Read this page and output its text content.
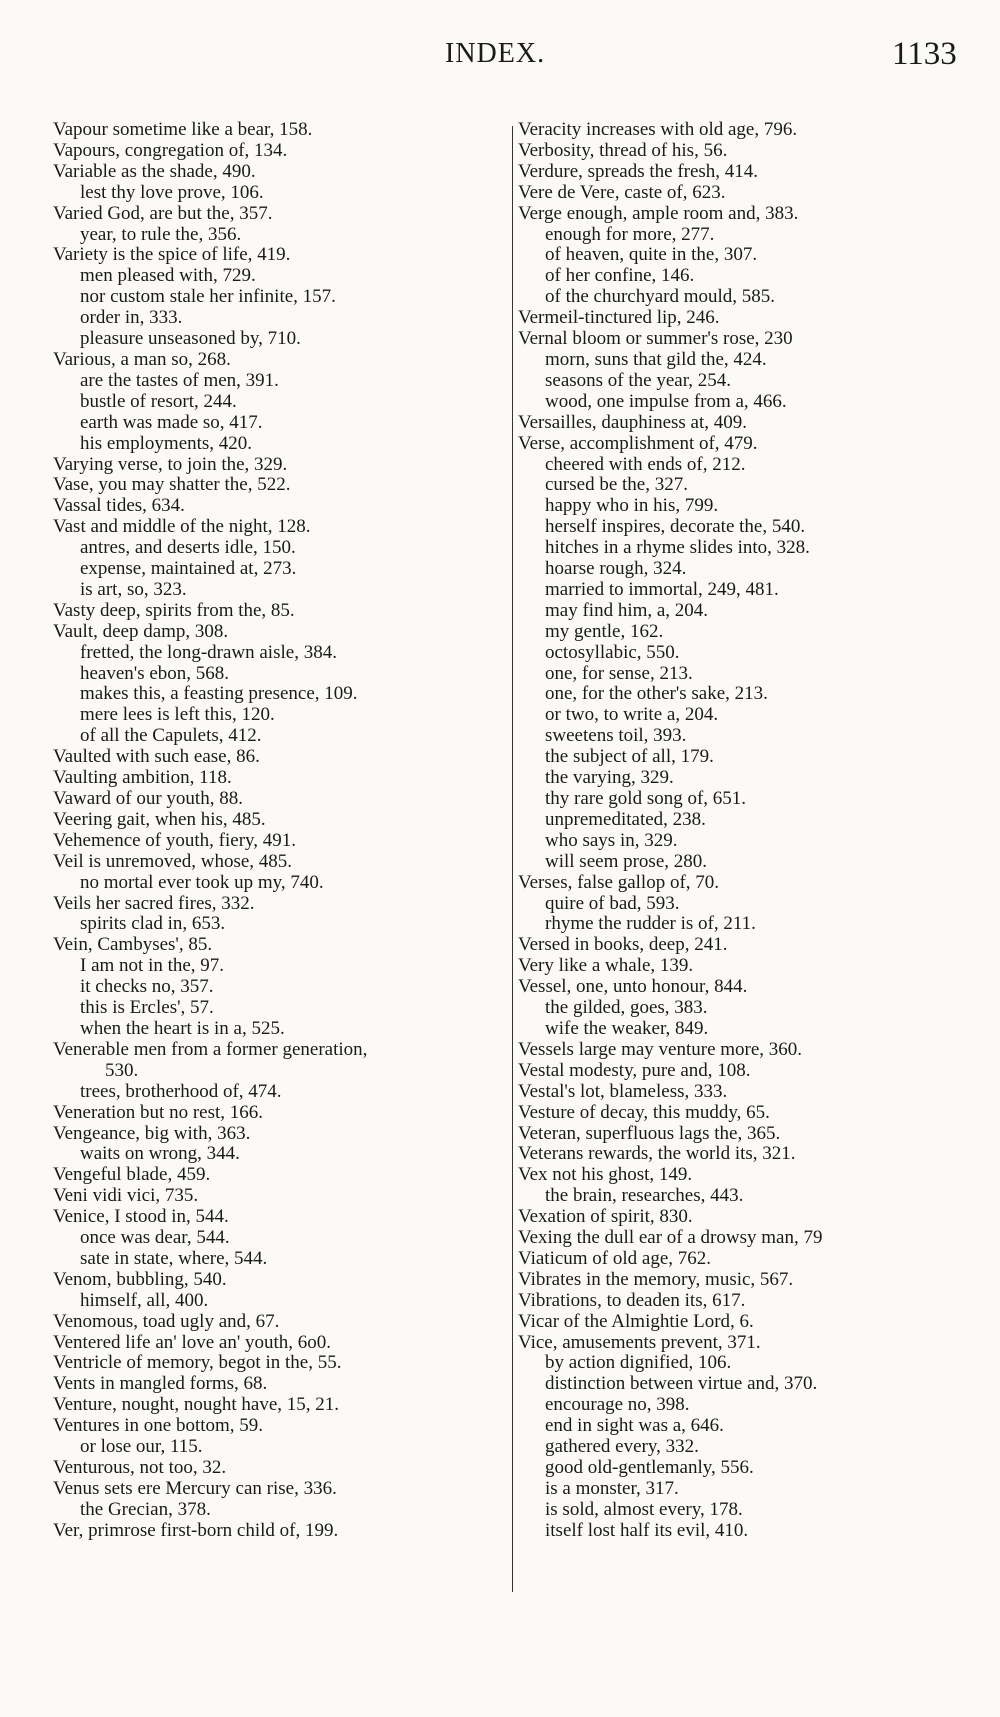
INDEX.	1133
Vapour sometime like a bear, 158.
Vapours, congregation of, 134.
Variable as the shade, 490.
lest thy love prove, 106.
Varied God, are but the, 357.
year, to rule the, 356.
Variety is the spice of life, 419.
men pleased with, 729.
nor custom stale her infinite, 157.
order in, 333.
pleasure unseasoned by, 710.
Various, a man so, 268.
are the tastes of men, 391.
bustle of resort, 244.
earth was made so, 417.
his employments, 420.
Varying verse, to join the, 329.
Vase, you may shatter the, 522.
Vassal tides, 634.
Vast and middle of the night, 128.
antres, and deserts idle, 150.
expense, maintained at, 273.
is art, so, 323.
Vasty deep, spirits from the, 85.
Vault, deep damp, 308.
fretted, the long-drawn aisle, 384.
heaven's ebon, 568.
makes this, a feasting presence, 109.
mere lees is left this, 120.
of all the Capulets, 412.
Vaulted with such ease, 86.
Vaulting ambition, 118.
Vaward of our youth, 88.
Veering gait, when his, 485.
Vehemence of youth, fiery, 491.
Veil is unremoved, whose, 485.
no mortal ever took up my, 740.
Veils her sacred fires, 332.
spirits clad in, 653.
Vein, Cambyses', 85.
I am not in the, 97.
it checks no, 357.
this is Ercles', 57.
when the heart is in a, 525.
Venerable men from a former generation,
530.
trees, brotherhood of, 474.
Veneration but no rest, 166.
Vengeance, big with, 363.
waits on wrong, 344.
Vengeful blade, 459.
Veni vidi vici, 735.
Venice, I stood in, 544.
once was dear, 544.
sate in state, where, 544.
Venom, bubbling, 540.
himself, all, 400.
Venomous, toad ugly and, 67.
Ventered life an' love an' youth, 6o0.
Ventricle of memory, begot in the, 55.
Vents in mangled forms, 68.
Venture, nought, nought have, 15, 21.
Ventures in one bottom, 59.
or lose our, 115.
Venturous, not too, 32.
Venus sets ere Mercury can rise, 336.
the Grecian, 378.
Ver, primrose first-born child of, 199.
Veracity increases with old age, 796.
Verbosity, thread of his, 56.
Verdure, spreads the fresh, 414.
Vere de Vere, caste of, 623.
Verge enough, ample room and, 383.
enough for more, 277.
of heaven, quite in the, 307.
of her confine, 146.
of the churchyard mould, 585.
Vermeil-tinctured lip, 246.
Vernal bloom or summer's rose, 230
morn, suns that gild the, 424.
seasons of the year, 254.
wood, one impulse from a, 466.
Versailles, dauphiness at, 409.
Verse, accomplishment of, 479.
cheered with ends of, 212.
cursed be the, 327.
happy who in his, 799.
herself inspires, decorate the, 540.
hitches in a rhyme slides into, 328.
hoarse rough, 324.
married to immortal, 249, 481.
may find him, a, 204.
my gentle, 162.
octosyllabic, 550.
one, for sense, 213.
one, for the other's sake, 213.
or two, to write a, 204.
sweetens toil, 393.
the subject of all, 179.
the varying, 329.
thy rare gold song of, 651.
unpremeditated, 238.
who says in, 329.
will seem prose, 280.
Verses, false gallop of, 70.
quire of bad, 593.
rhyme the rudder is of, 211.
Versed in books, deep, 241.
Very like a whale, 139.
Vessel, one, unto honour, 844.
the gilded, goes, 383.
wife the weaker, 849.
Vessels large may venture more, 360.
Vestal modesty, pure and, 108.
Vestal's lot, blameless, 333.
Vesture of decay, this muddy, 65.
Veteran, superfluous lags the, 365.
Veterans rewards, the world its, 321.
Vex not his ghost, 149.
the brain, researches, 443.
Vexation of spirit, 830.
Vexing the dull ear of a drowsy man, 79
Viaticum of old age, 762.
Vibrates in the memory, music, 567.
Vibrations, to deaden its, 617.
Vicar of the Almightie Lord, 6.
Vice, amusements prevent, 371.
by action dignified, 106.
distinction between virtue and, 370.
encourage no, 398.
end in sight was a, 646.
gathered every, 332.
good old-gentlemanly, 556.
is a monster, 317.
is sold, almost every, 178.
itself lost half its evil, 410.
